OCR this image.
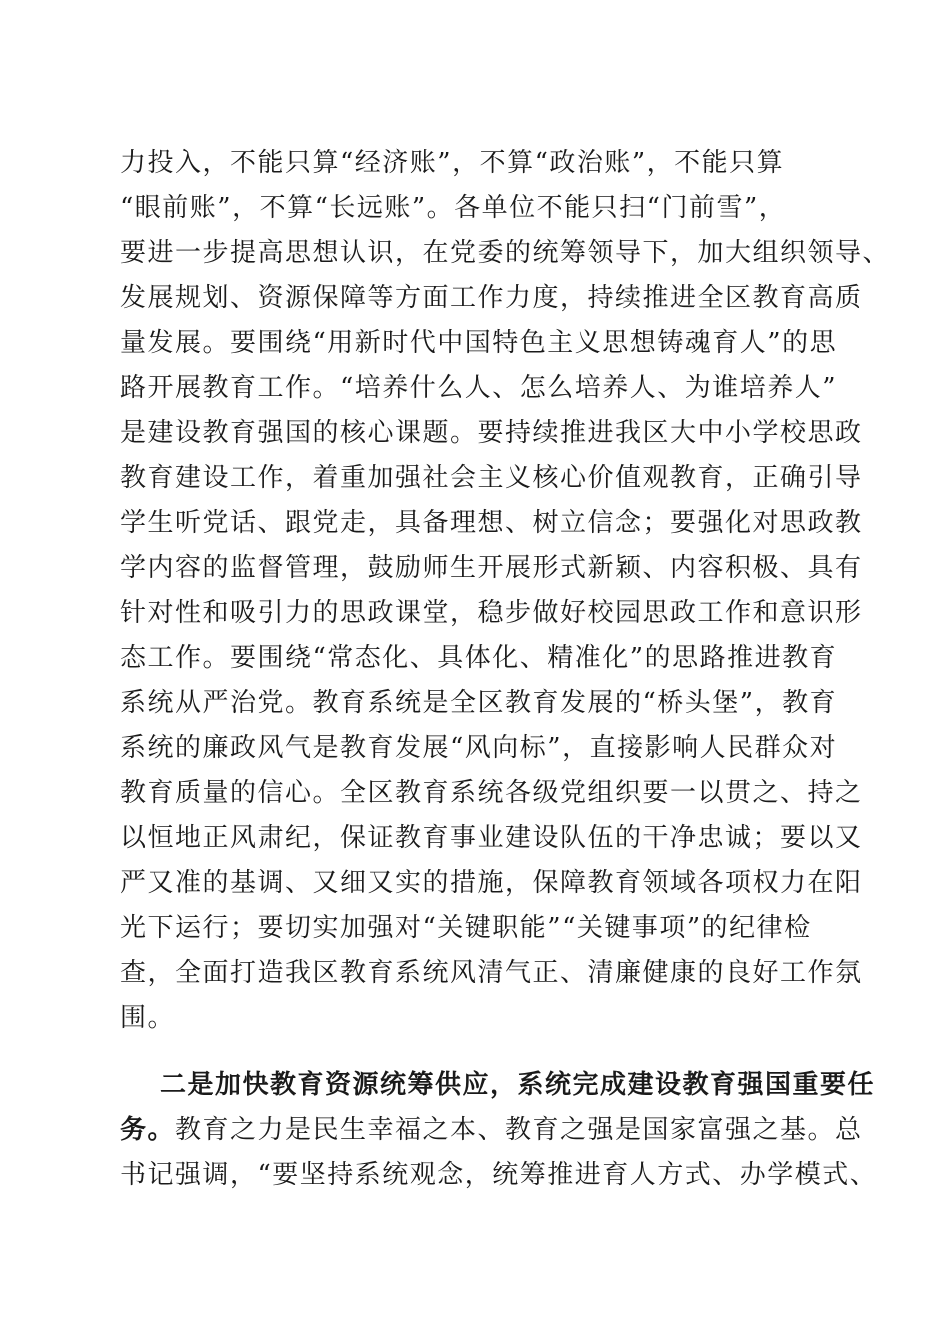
力投入，不能只算“经济账”，不算“政治账”，不能只算
“眼前账”，不算“长远账”。各单位不能只扫“门前雪”，
要进一步提高思想认识，在党委的统筹领导下，加大组织领导、
发展规划、资源保障等方面工作力度，持续推进全区教育高质
量发展。要围绕“用新时代中国特色主义思想铸魂育人”的思
路开展教育工作。“培养什么人、怎么培养人、为谁培养人”
是建设教育强国的核心课题。要持续推进我区大中小学校思政
教育建设工作，着重加强社会主义核心价值观教育，正确引导
学生听党话、跟党走，具备理想、树立信念；要强化对思政教
学内容的监督管理，鼓励师生开展形式新颖、内容积极、具有
针对性和吸引力的思政课堂，稳步做好校园思政工作和意识形
态工作。要围绕“常态化、具体化、精准化”的思路推进教育
系统从严治党。教育系统是全区教育发展的“桥头堡”，教育
系统的廉政风气是教育发展“风向标”，直接影响人民群众对
教育质量的信心。全区教育系统各级党组织要一以贯之、持之
以恒地正风肃纪，保证教育事业建设队伍的干净忠诚；要以又
严又准的基调、又细又实的措施，保障教育领域各项权力在阳
光下运行；要切实加强对“关键职能”“关键事项”的纪律检
查，全面打造我区教育系统风清气正、清廉健康的良好工作氛
围。
二是加快教育资源统筹供应，系统完成建设教育强国重要任
务。教育之力是民生幸福之本、教育之强是国家富强之基。总
书记强调，“要坚持系统观念，统筹推进育人方式、办学模式、
